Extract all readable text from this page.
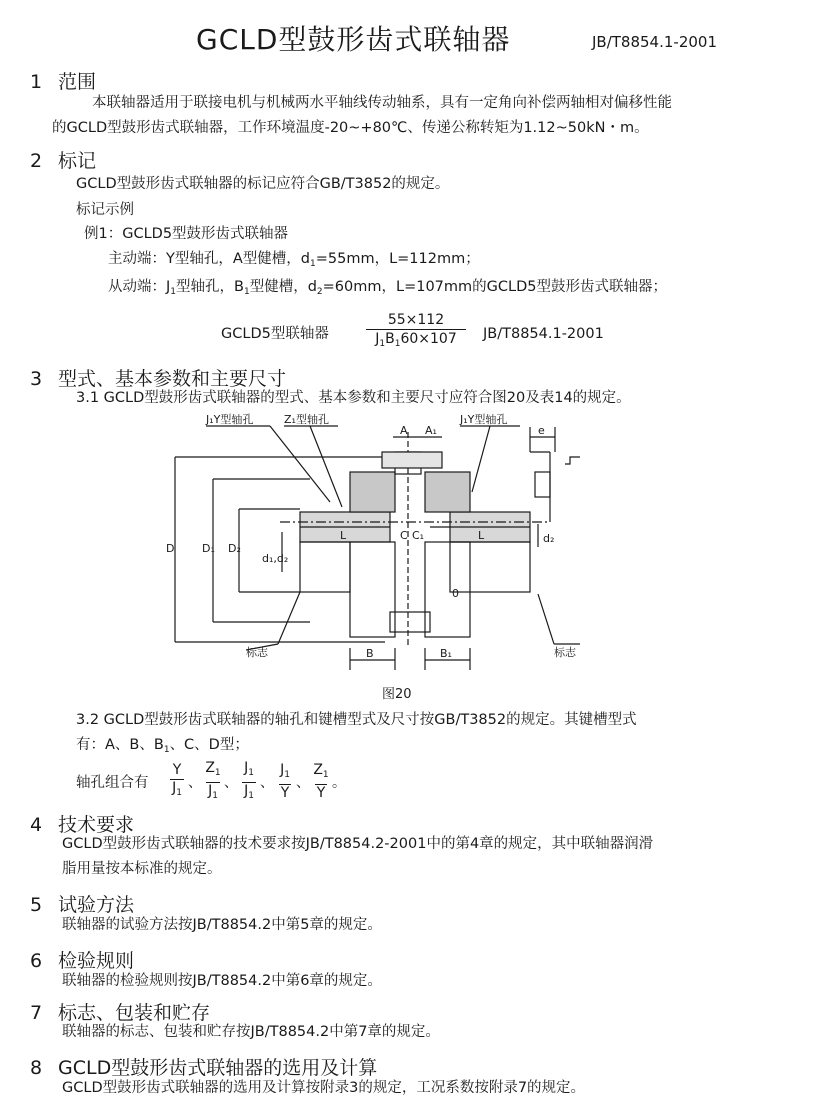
GCLD型鼓形齿式联轴器	JB/T8854.1-2001
1 范围
本联轴器适用于联接电机与机械两水平轴线传动轴系，具有一定角向补偿两轴相对偏移性能
的GCLD型鼓形齿式联轴器，工作环境温度-20~+80℃、传递公称转矩为1.12~50kN・m。
2 标记
GCLD型鼓形齿式联轴器的标记应符合GB/T3852的规定。
标记示例
例1：GCLD5型鼓形齿式联轴器
主动端：Y型轴孔，A型健槽，$d_1=55mm$，L=112mm；
从动端：$J_1$型轴孔，$B_1$型健槽，$d_2=60mm$，L=107mm的GCLD5型鼓形齿式联轴器；
GCLD5型联轴器
55×112
$J_1B_160\times 107$	JB/T8854.1-2001
3 型式、基本参数和主要尺寸
3.1 GCLD型鼓形齿式联轴器的型式、基本参数和主要尺寸应符合图20及表14的规定。
J₁Y型轴孔	Z₁型轴孔	J₁Y型轴孔
A A₁	e
D	D₁ D₂
d₁,d₂
d₂
L	L
C C₁
B	B₁
0
标志	标志
图20
3.2 GCLD型鼓形齿式联轴器的轴孔和键槽型式及尺寸按GB/T3852的规定。其键槽型式
有：A、B、$B_1$、C、D型；
轴孔组合有
Y
$J_1$
、
$Z_1$
$J_1$
、
$J_1$
$J_1$
、
$J_1$
Y
、
$Z_1$
Y
。
4 技术要求
GCLD型鼓形齿式联轴器的技术要求按JB/T8854.2-2001中的第4章的规定，其中联轴器润滑
脂用量按本标准的规定。
5 试验方法
联轴器的试验方法按JB/T8854.2中第5章的规定。
6 检验规则
联轴器的检验规则按JB/T8854.2中第6章的规定。
7 标志、包装和贮存
联轴器的标志、包装和贮存按JB/T8854.2中第7章的规定。
8 GCLD型鼓形齿式联轴器的选用及计算
GCLD型鼓形齿式联轴器的选用及计算按附录3的规定，工况系数按附录7的规定。
